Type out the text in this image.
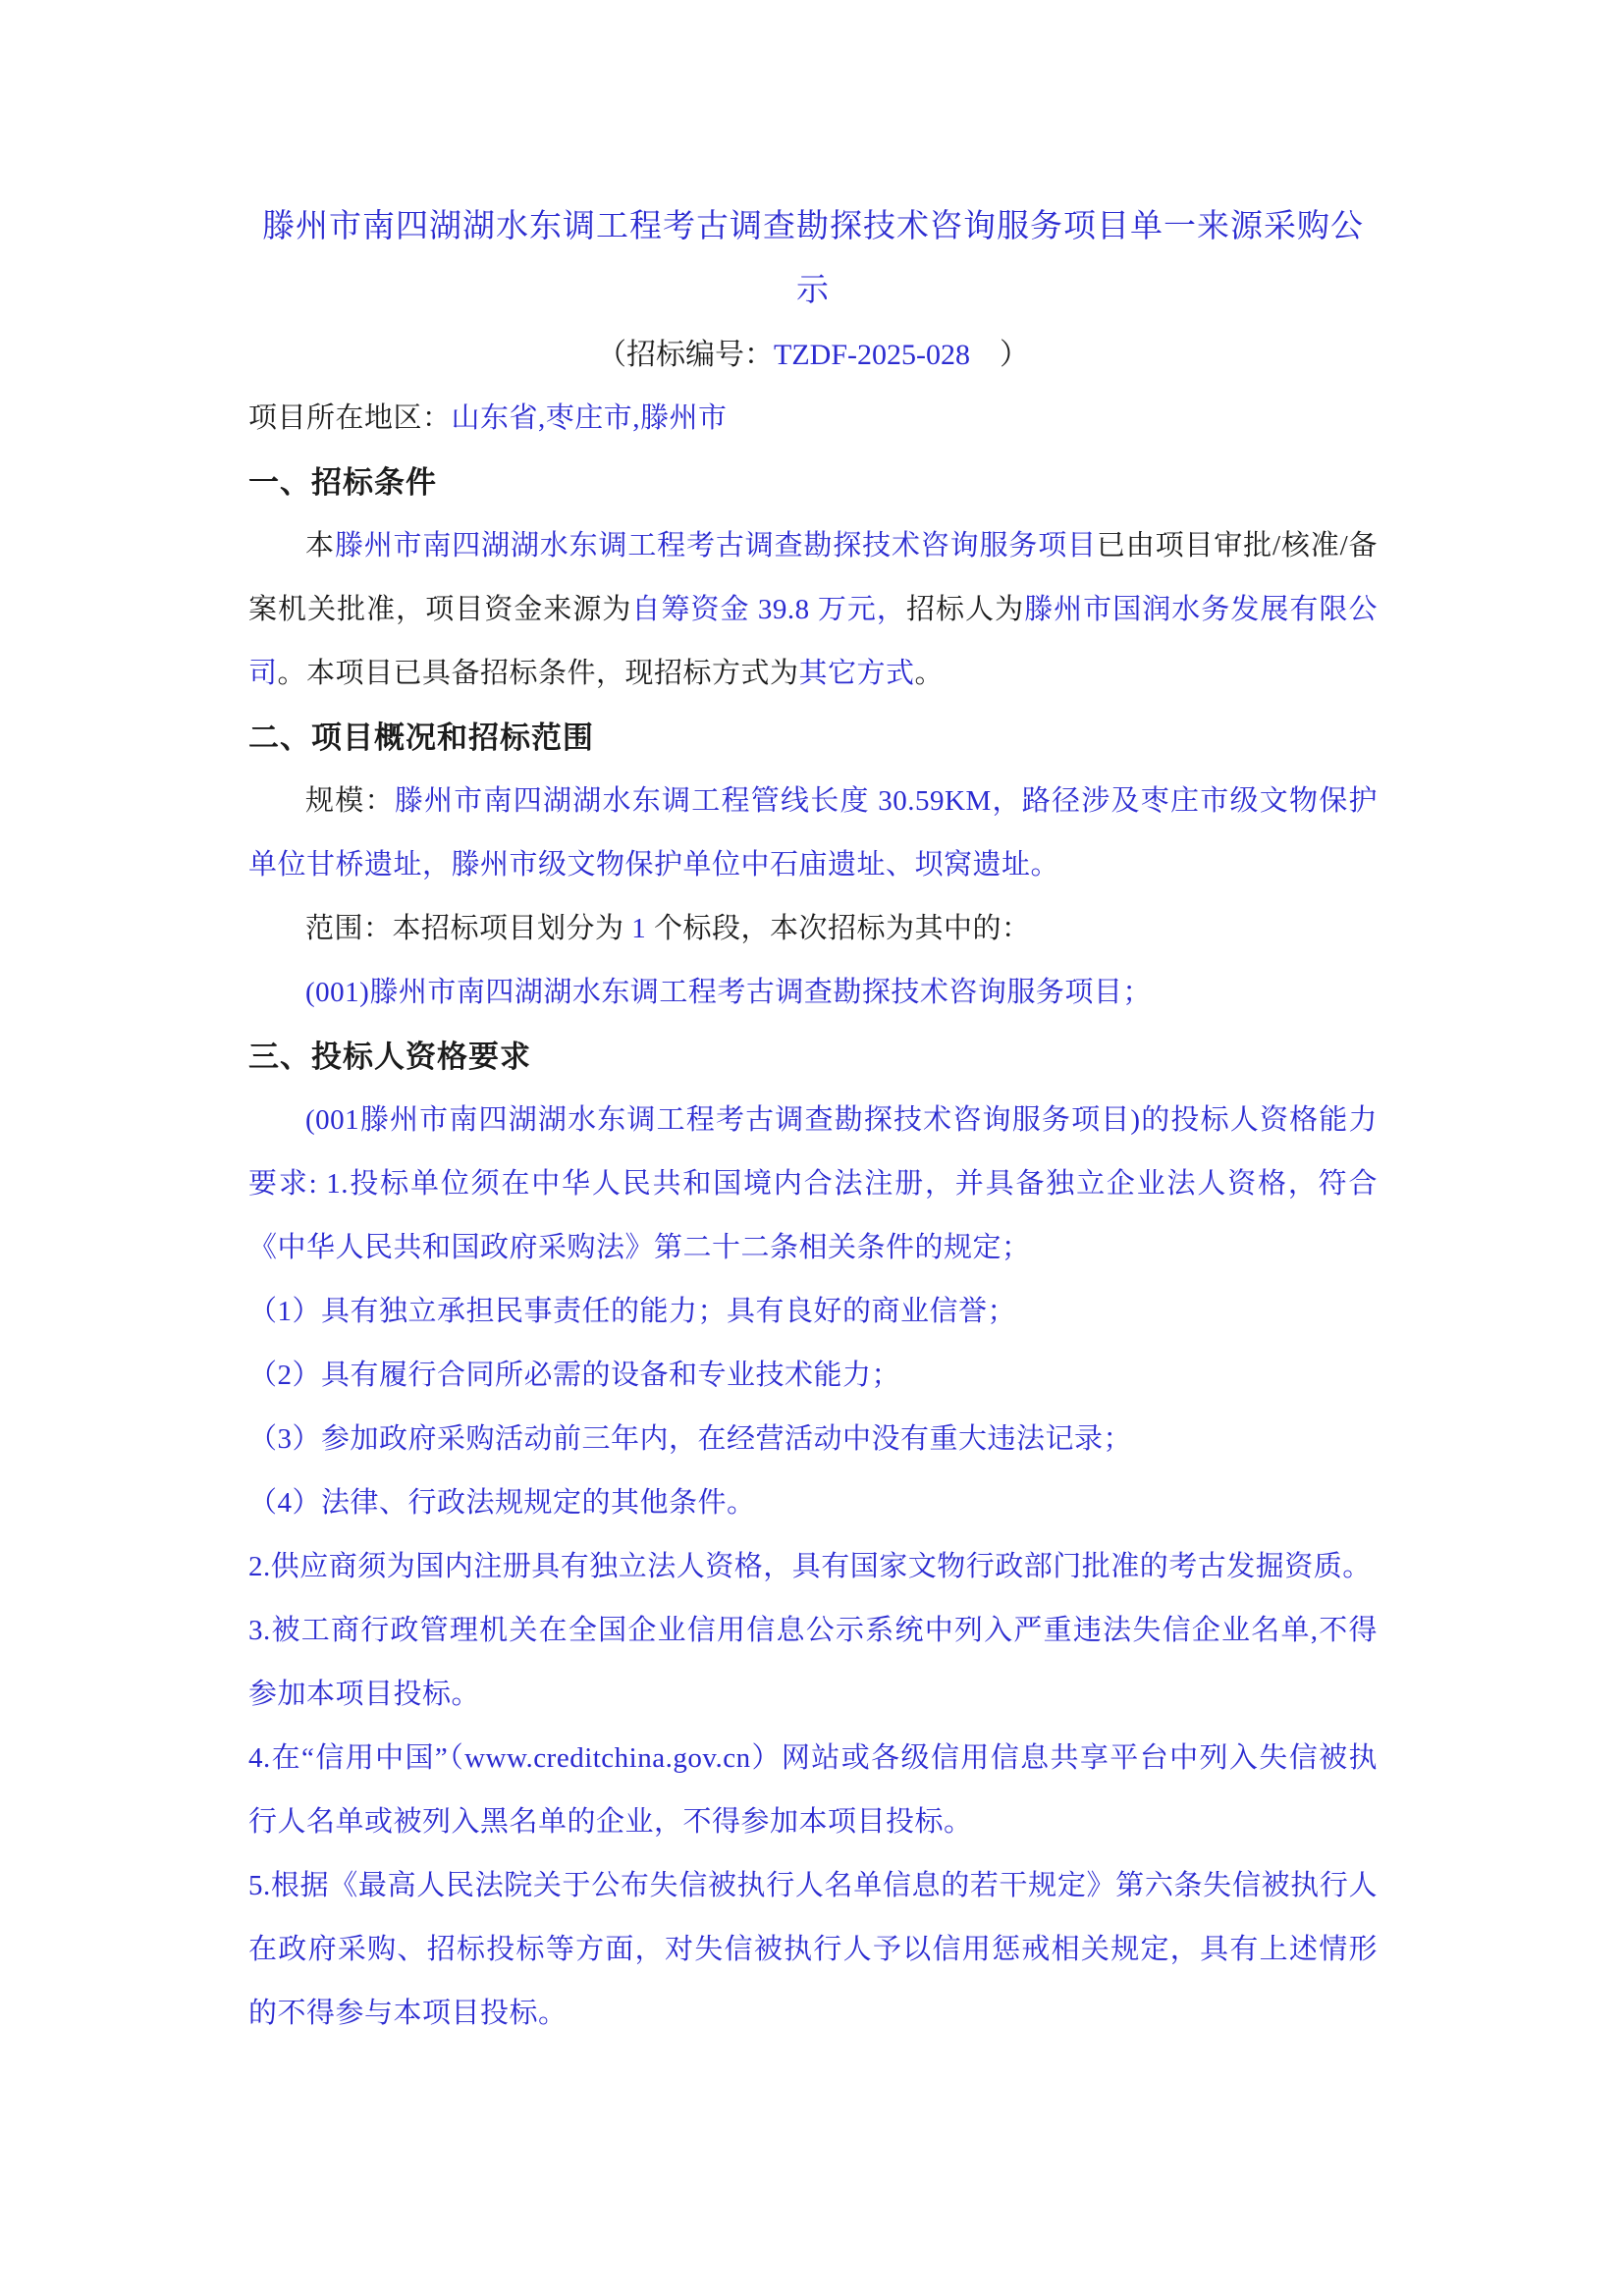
滕州市南四湖湖水东调工程考古调查勘探技术咨询服务项目单一来源采购公示

（招标编号：TZDF-2025-028　）

项目所在地区：山东省,枣庄市,滕州市

一、招标条件

本滕州市南四湖湖水东调工程考古调查勘探技术咨询服务项目已由项目审批/核准/备案机关批准，项目资金来源为自筹资金 39.8 万元，招标人为滕州市国润水务发展有限公司。本项目已具备招标条件，现招标方式为其它方式。

二、项目概况和招标范围

规模：滕州市南四湖湖水东调工程管线长度 30.59KM，路径涉及枣庄市级文物保护单位甘桥遗址，滕州市级文物保护单位中石庙遗址、坝窝遗址。

范围：本招标项目划分为 1 个标段，本次招标为其中的：

(001)滕州市南四湖湖水东调工程考古调查勘探技术咨询服务项目；

三、投标人资格要求

(001滕州市南四湖湖水东调工程考古调查勘探技术咨询服务项目)的投标人资格能力要求: 1.投标单位须在中华人民共和国境内合法注册，并具备独立企业法人资格，符合《中华人民共和国政府采购法》第二十二条相关条件的规定；

（1）具有独立承担民事责任的能力；具有良好的商业信誉；

（2）具有履行合同所必需的设备和专业技术能力；

（3）参加政府采购活动前三年内，在经营活动中没有重大违法记录；

（4）法律、行政法规规定的其他条件。

2.供应商须为国内注册具有独立法人资格，具有国家文物行政部门批准的考古发掘资质。

3.被工商行政管理机关在全国企业信用信息公示系统中列入严重违法失信企业名单,不得参加本项目投标。

4.在“信用中国”（www.creditchina.gov.cn）网站或各级信用信息共享平台中列入失信被执行人名单或被列入黑名单的企业，不得参加本项目投标。

5.根据《最高人民法院关于公布失信被执行人名单信息的若干规定》第六条失信被执行人在政府采购、招标投标等方面，对失信被执行人予以信用惩戒相关规定，具有上述情形的不得参与本项目投标。
